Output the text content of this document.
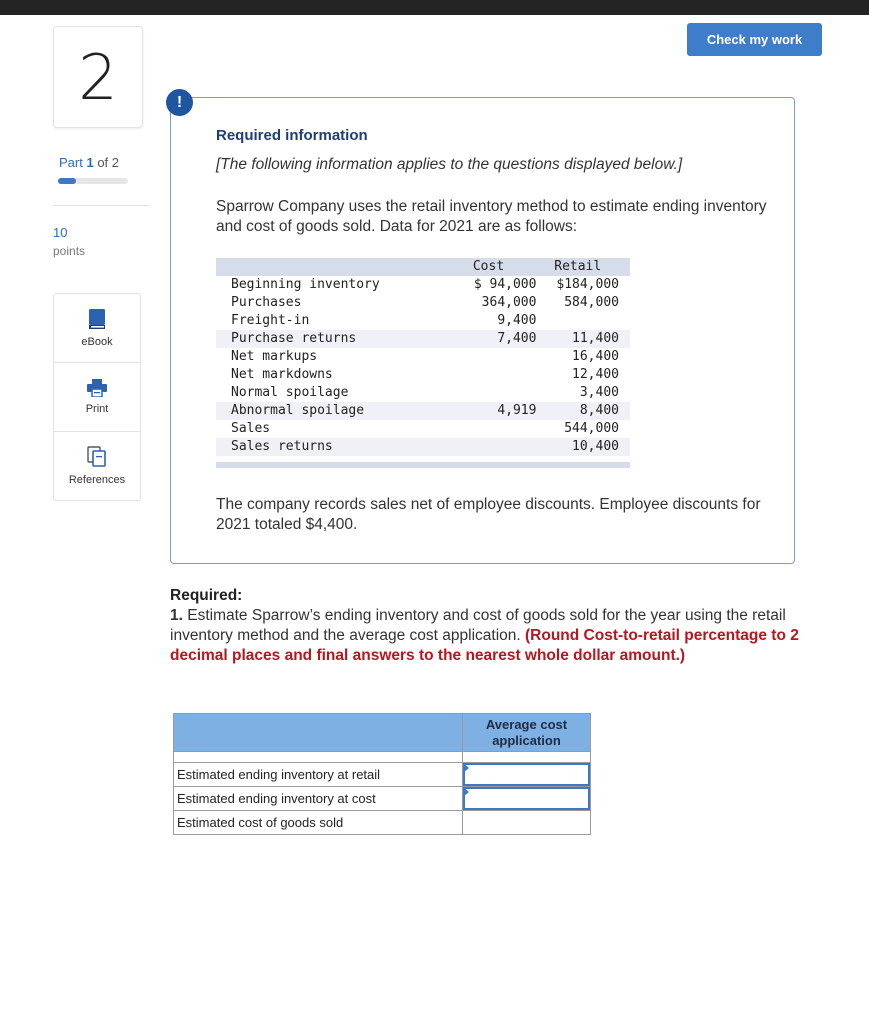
2
Part 1 of 2
10
points
eBook
Print
References
Check my work
!
Required information
[The following information applies to the questions displayed below.]
Sparrow Company uses the retail inventory method to estimate ending inventory and cost of goods sold. Data for 2021 are as follows:
	Cost	Retail
Beginning inventory	$ 94,000	$184,000
Purchases	364,000	584,000
Freight-in	9,400	
Purchase returns	7,400	11,400
Net markups		16,400
Net markdowns		12,400
Normal spoilage		3,400
Abnormal spoilage	4,919	8,400
Sales		544,000
Sales returns		10,400
The company records sales net of employee discounts. Employee discounts for 2021 totaled $4,400.
Required:
1. Estimate Sparrow’s ending inventory and cost of goods sold for the year using the retail inventory method and the average cost application. (Round Cost-to-retail percentage to 2 decimal places and final answers to the nearest whole dollar amount.)
	Average cost application

Estimated ending inventory at retail	

Estimated ending inventory at cost	

Estimated cost of goods sold	
